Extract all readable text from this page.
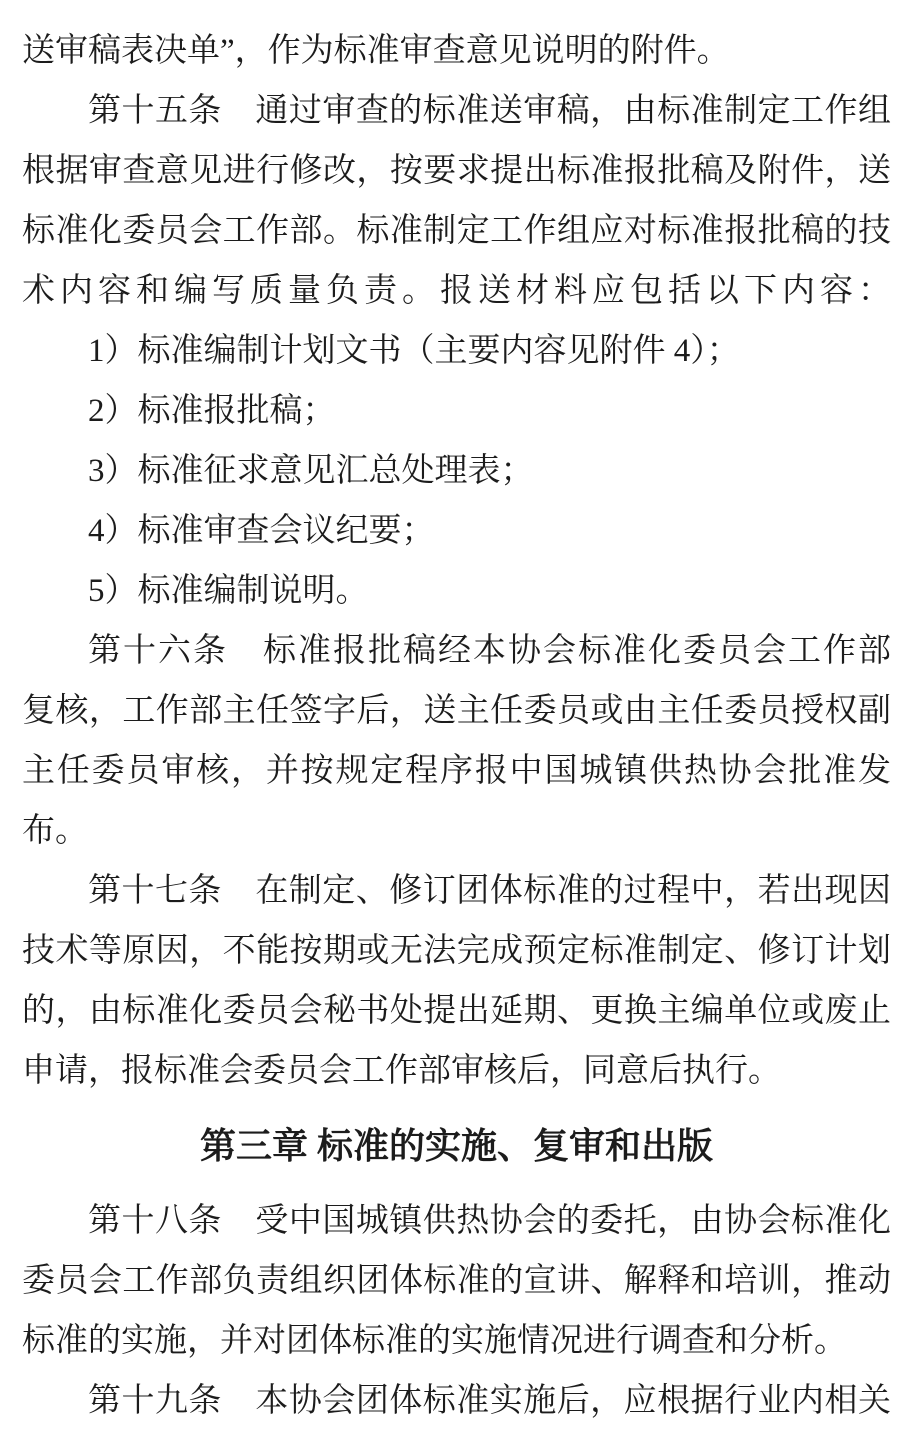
送审稿表决单”，作为标准审查意见说明的附件。
第十五条　通过审查的标准送审稿，由标准制定工作组
根据审查意见进行修改，按要求提出标准报批稿及附件，送
标准化委员会工作部。标准制定工作组应对标准报批稿的技
术内容和编写质量负责。报送材料应包括以下内容：
1）标准编制计划文书（主要内容见附件 4）；
2）标准报批稿；
3）标准征求意见汇总处理表；
4）标准审查会议纪要；
5）标准编制说明。
第十六条　标准报批稿经本协会标准化委员会工作部
复核，工作部主任签字后，送主任委员或由主任委员授权副
主任委员审核，并按规定程序报中国城镇供热协会批准发
布。
第十七条　在制定、修订团体标准的过程中，若出现因
技术等原因，不能按期或无法完成预定标准制定、修订计划
的，由标准化委员会秘书处提出延期、更换主编单位或废止
申请，报标准会委员会工作部审核后，同意后执行。
第三章 标准的实施、复审和出版
第十八条　受中国城镇供热协会的委托，由协会标准化
委员会工作部负责组织团体标准的宣讲、解释和培训，推动
标准的实施，并对团体标准的实施情况进行调查和分析。
第十九条　本协会团体标准实施后，应根据行业内相关
